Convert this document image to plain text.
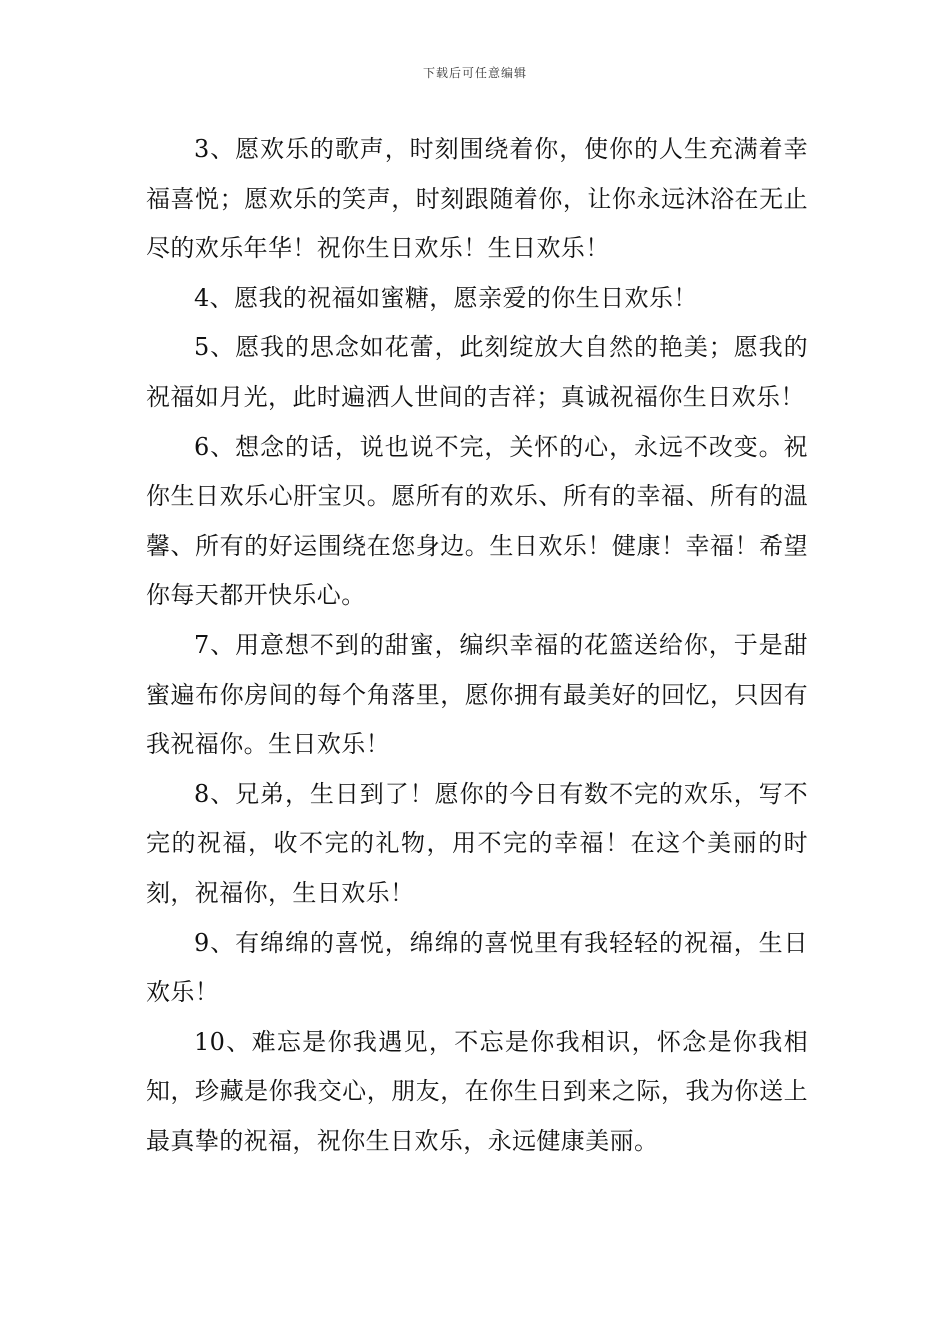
下载后可任意编辑

3、愿欢乐的歌声，时刻围绕着你，使你的人生充满着幸福喜悦；愿欢乐的笑声，时刻跟随着你，让你永远沐浴在无止尽的欢乐年华！祝你生日欢乐！生日欢乐！

4、愿我的祝福如蜜糖，愿亲爱的你生日欢乐！

5、愿我的思念如花蕾，此刻绽放大自然的艳美；愿我的祝福如月光，此时遍洒人世间的吉祥；真诚祝福你生日欢乐！

6、想念的话，说也说不完，关怀的心，永远不改变。祝你生日欢乐心肝宝贝。愿所有的欢乐、所有的幸福、所有的温馨、所有的好运围绕在您身边。生日欢乐！健康！幸福！希望你每天都开快乐心。

7、用意想不到的甜蜜，编织幸福的花篮送给你，于是甜蜜遍布你房间的每个角落里，愿你拥有最美好的回忆，只因有我祝福你。生日欢乐！

8、兄弟，生日到了！愿你的今日有数不完的欢乐，写不完的祝福，收不完的礼物，用不完的幸福！在这个美丽的时刻，祝福你，生日欢乐！

9、有绵绵的喜悦，绵绵的喜悦里有我轻轻的祝福，生日欢乐！

10、难忘是你我遇见，不忘是你我相识，怀念是你我相知，珍藏是你我交心，朋友，在你生日到来之际，我为你送上最真挚的祝福，祝你生日欢乐，永远健康美丽。
